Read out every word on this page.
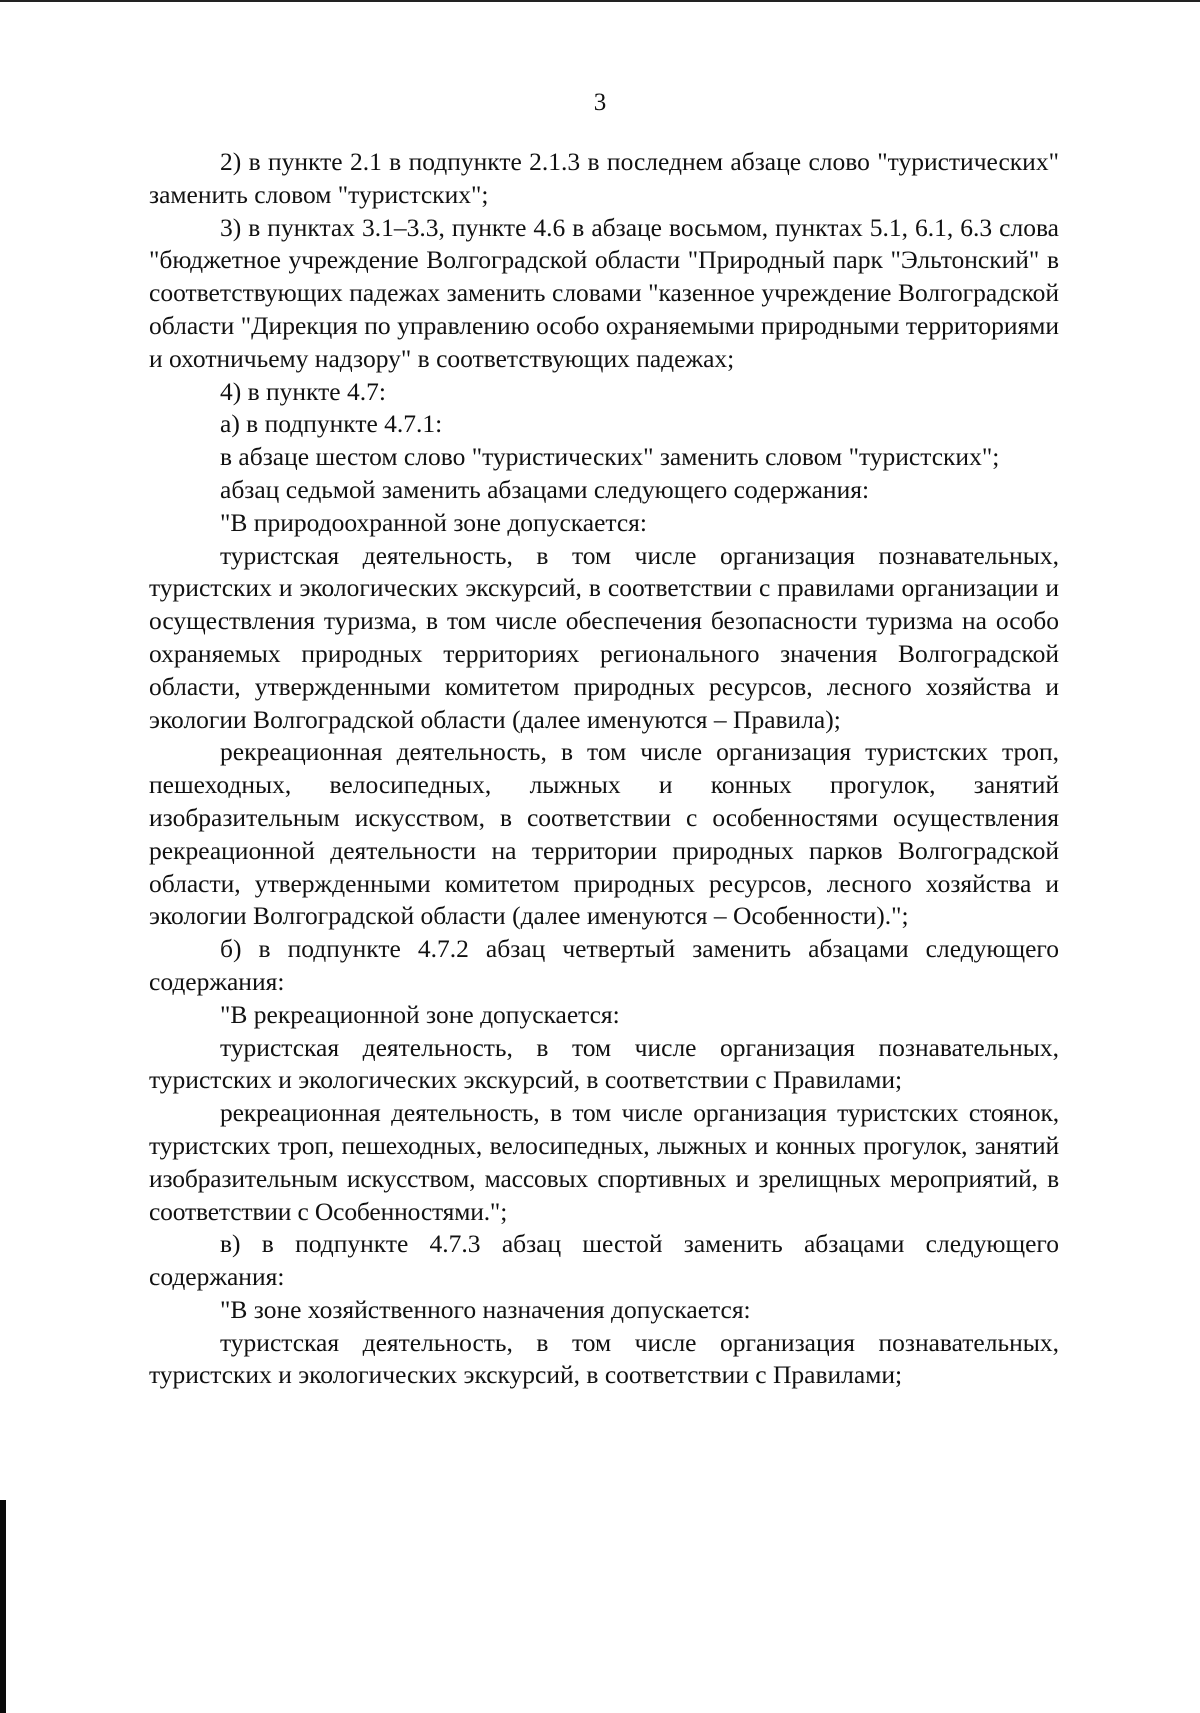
3

2) в пункте 2.1 в подпункте 2.1.3 в последнем абзаце слово "туристических" заменить словом "туристских";

3) в пунктах 3.1–3.3, пункте 4.6 в абзаце восьмом, пунктах 5.1, 6.1, 6.3 слова "бюджетное учреждение Волгоградской области "Природный парк "Эльтонский" в соответствующих падежах заменить словами "казенное учреждение Волгоградской области "Дирекция по управлению особо охраняемыми природными территориями и охотничьему надзору" в соответствующих падежах;

4) в пункте 4.7:

а) в подпункте 4.7.1:

в абзаце шестом слово "туристических" заменить словом "туристских";

абзац седьмой заменить абзацами следующего содержания:

"В природоохранной зоне допускается:

туристская деятельность, в том числе организация познавательных, туристских и экологических экскурсий, в соответствии с правилами организации и осуществления туризма, в том числе обеспечения безопасности туризма на особо охраняемых природных территориях регионального значения Волгоградской области, утвержденными комитетом природных ресурсов, лесного хозяйства и экологии Волгоградской области (далее именуются – Правила);

рекреационная деятельность, в том числе организация туристских троп, пешеходных, велосипедных, лыжных и конных прогулок, занятий изобразительным искусством, в соответствии с особенностями осуществления рекреационной деятельности на территории природных парков Волгоградской области, утвержденными комитетом природных ресурсов, лесного хозяйства и экологии Волгоградской области (далее именуются – Особенности).";

б) в подпункте 4.7.2 абзац четвертый заменить абзацами следующего содержания:

"В рекреационной зоне допускается:

туристская деятельность, в том числе организация познавательных, туристских и экологических экскурсий, в соответствии с Правилами;

рекреационная деятельность, в том числе организация туристских стоянок, туристских троп, пешеходных, велосипедных, лыжных и конных прогулок, занятий изобразительным искусством, массовых спортивных и зрелищных мероприятий, в соответствии с Особенностями.";

в) в подпункте 4.7.3 абзац шестой заменить абзацами следующего содержания:

"В зоне хозяйственного назначения допускается:

туристская деятельность, в том числе организация познавательных, туристских и экологических экскурсий, в соответствии с Правилами;
